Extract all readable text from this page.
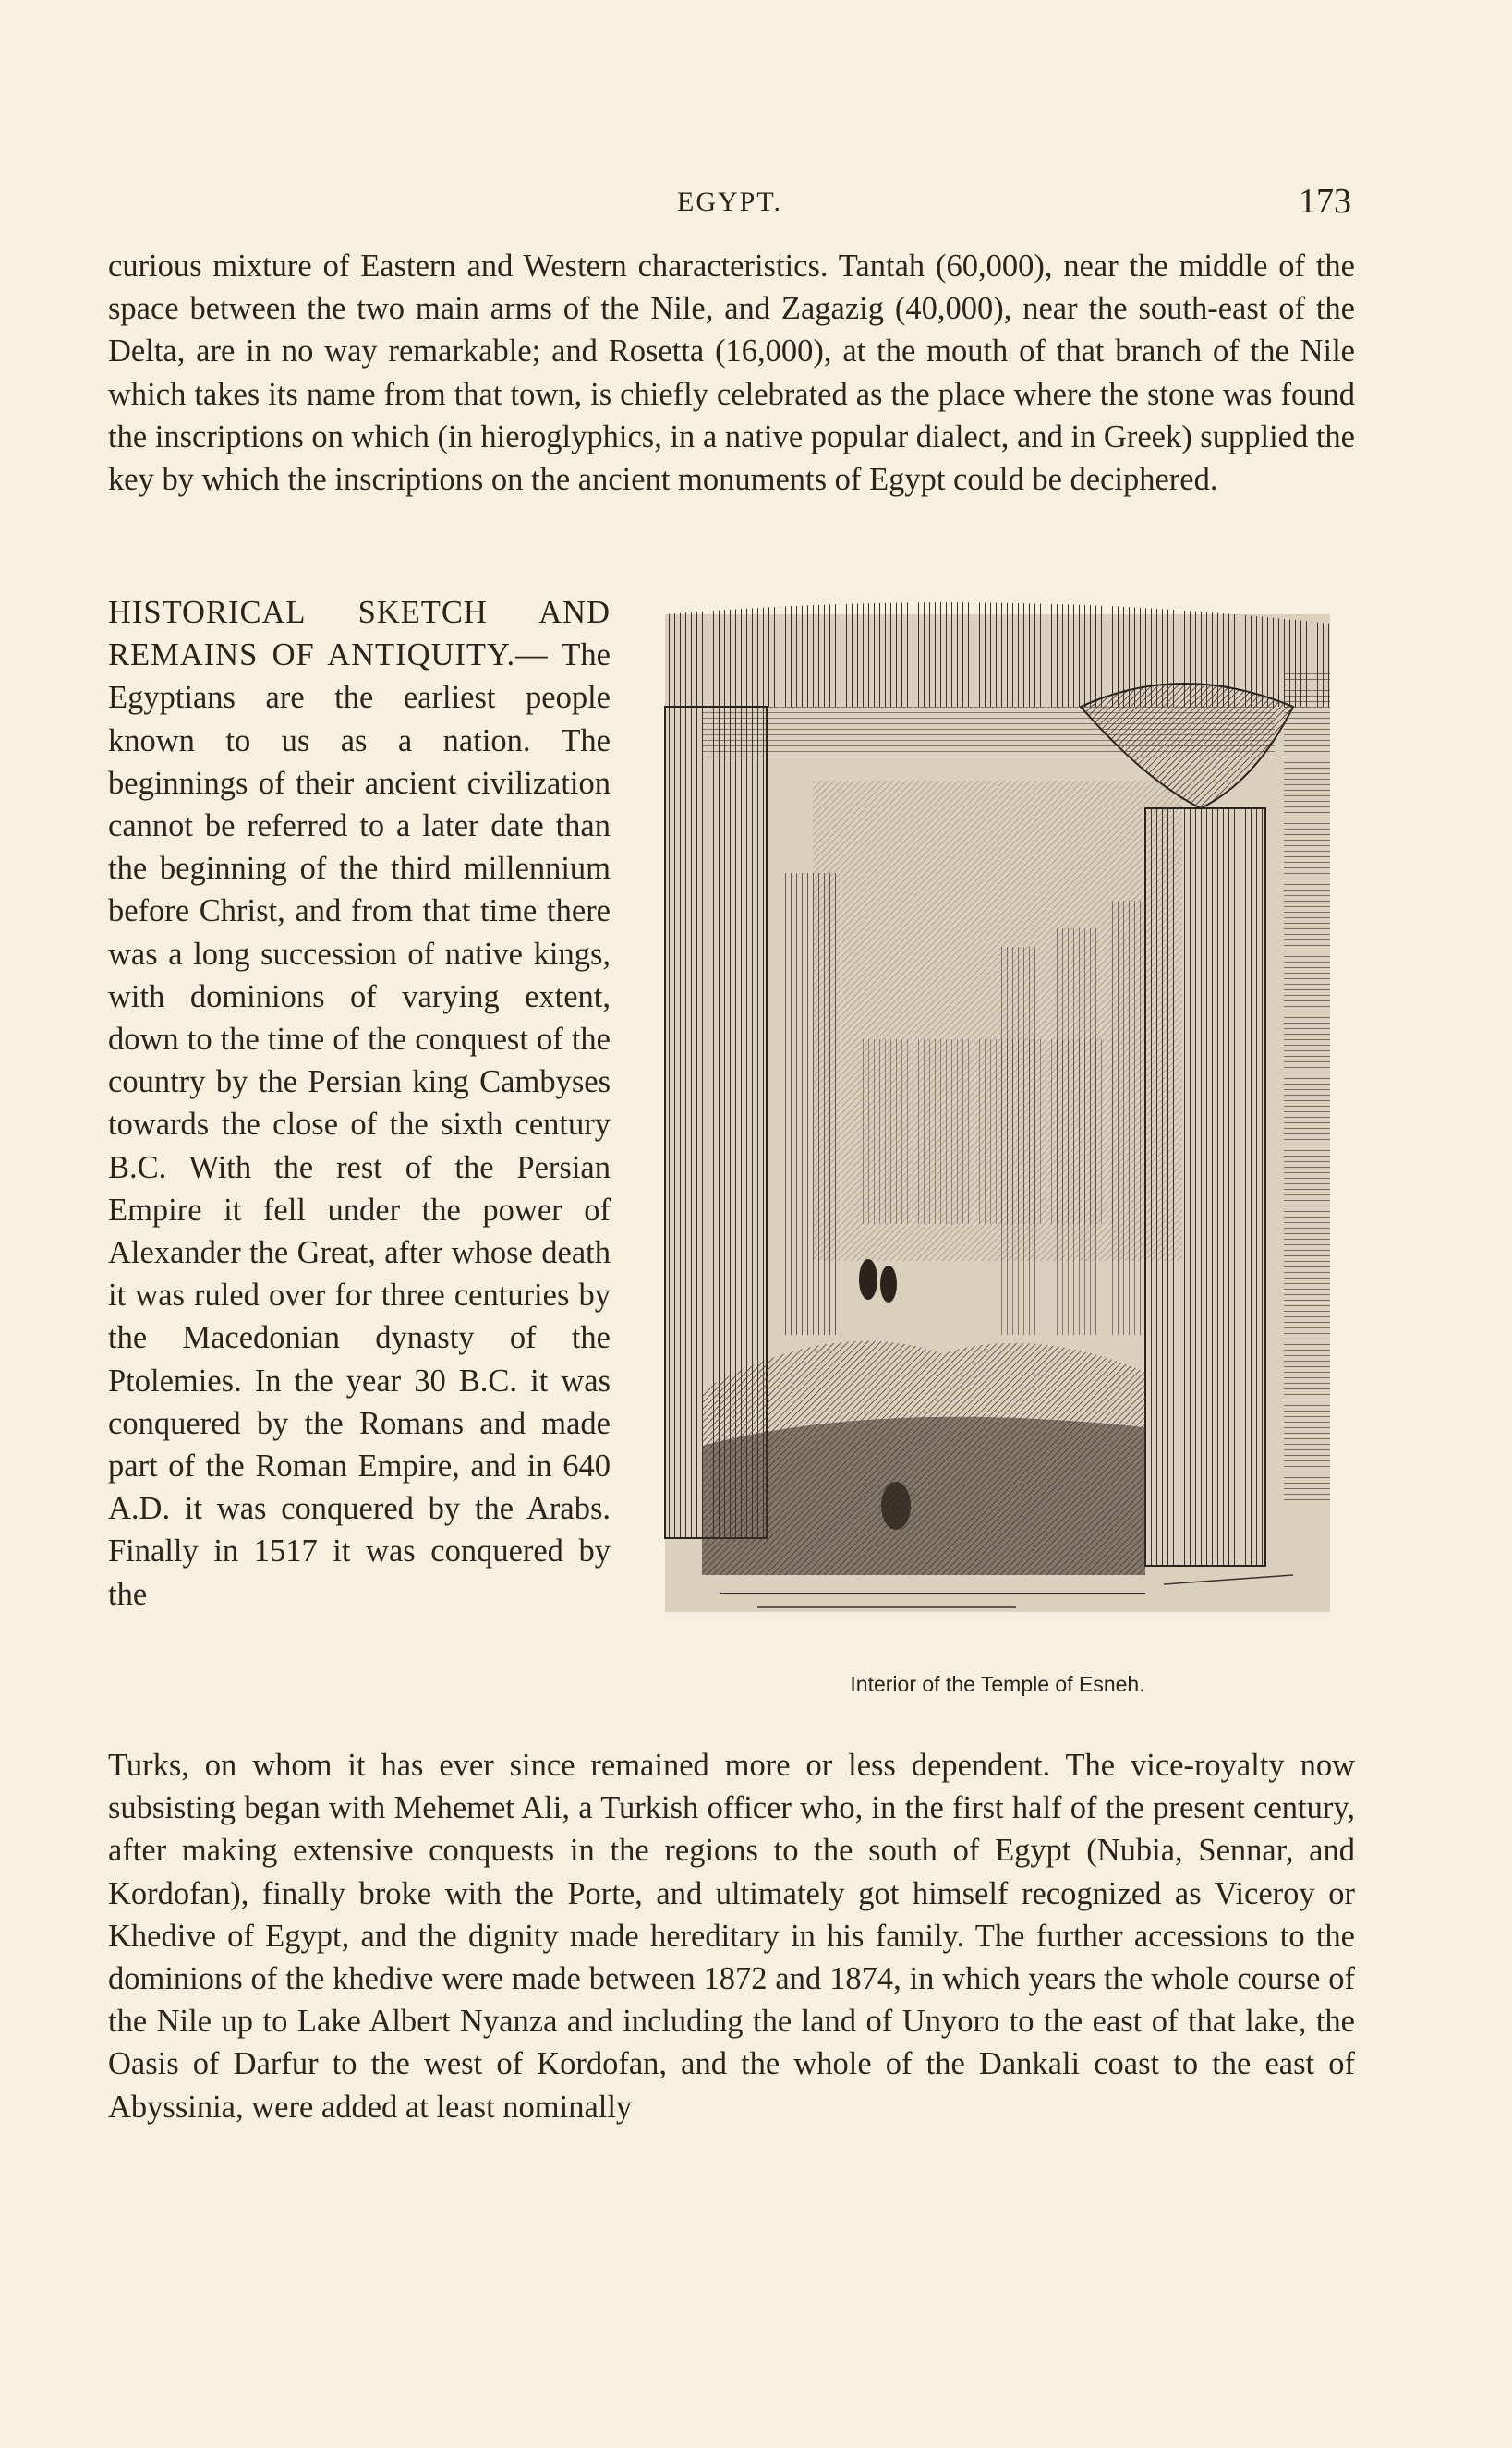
EGYPT.	173

curious mixture of Eastern and Western characteristics. Tantah (60,000), near the middle of the space between the two main arms of the Nile, and Zagazig (40,000), near the south-east of the Delta, are in no way remarkable; and Rosetta (16,000), at the mouth of that branch of the Nile which takes its name from that town, is chiefly celebrated as the place where the stone was found the inscriptions on which (in hieroglyphics, in a native popular dialect, and in Greek) supplied the key by which the inscriptions on the ancient monuments of Egypt could be deciphered.

HISTORICAL SKETCH AND REMAINS OF ANTIQUITY.— The Egyptians are the earliest people known to us as a nation. The beginnings of their ancient civilization cannot be referred to a later date than the beginning of the third millennium before Christ, and from that time there was a long succession of native kings, with dominions of varying extent, down to the time of the conquest of the country by the Persian king Cambyses towards the close of the sixth century B.C. With the rest of the Persian Empire it fell under the power of Alexander the Great, after whose death it was ruled over for three centuries by the Macedonian dynasty of the Ptolemies. In the year 30 B.C. it was conquered by the Romans and made part of the Roman Empire, and in 640 A.D. it was conquered by the Arabs. Finally in 1517 it was conquered by the

Interior of the Temple of Esneh.

Turks, on whom it has ever since remained more or less dependent. The vice-royalty now subsisting began with Mehemet Ali, a Turkish officer who, in the first half of the present century, after making extensive conquests in the regions to the south of Egypt (Nubia, Sennar, and Kordofan), finally broke with the Porte, and ultimately got himself recognized as Viceroy or Khedive of Egypt, and the dignity made hereditary in his family. The further accessions to the dominions of the khedive were made between 1872 and 1874, in which years the whole course of the Nile up to Lake Albert Nyanza and including the land of Unyoro to the east of that lake, the Oasis of Darfur to the west of Kordofan, and the whole of the Dankali coast to the east of Abyssinia, were added at least nominally
